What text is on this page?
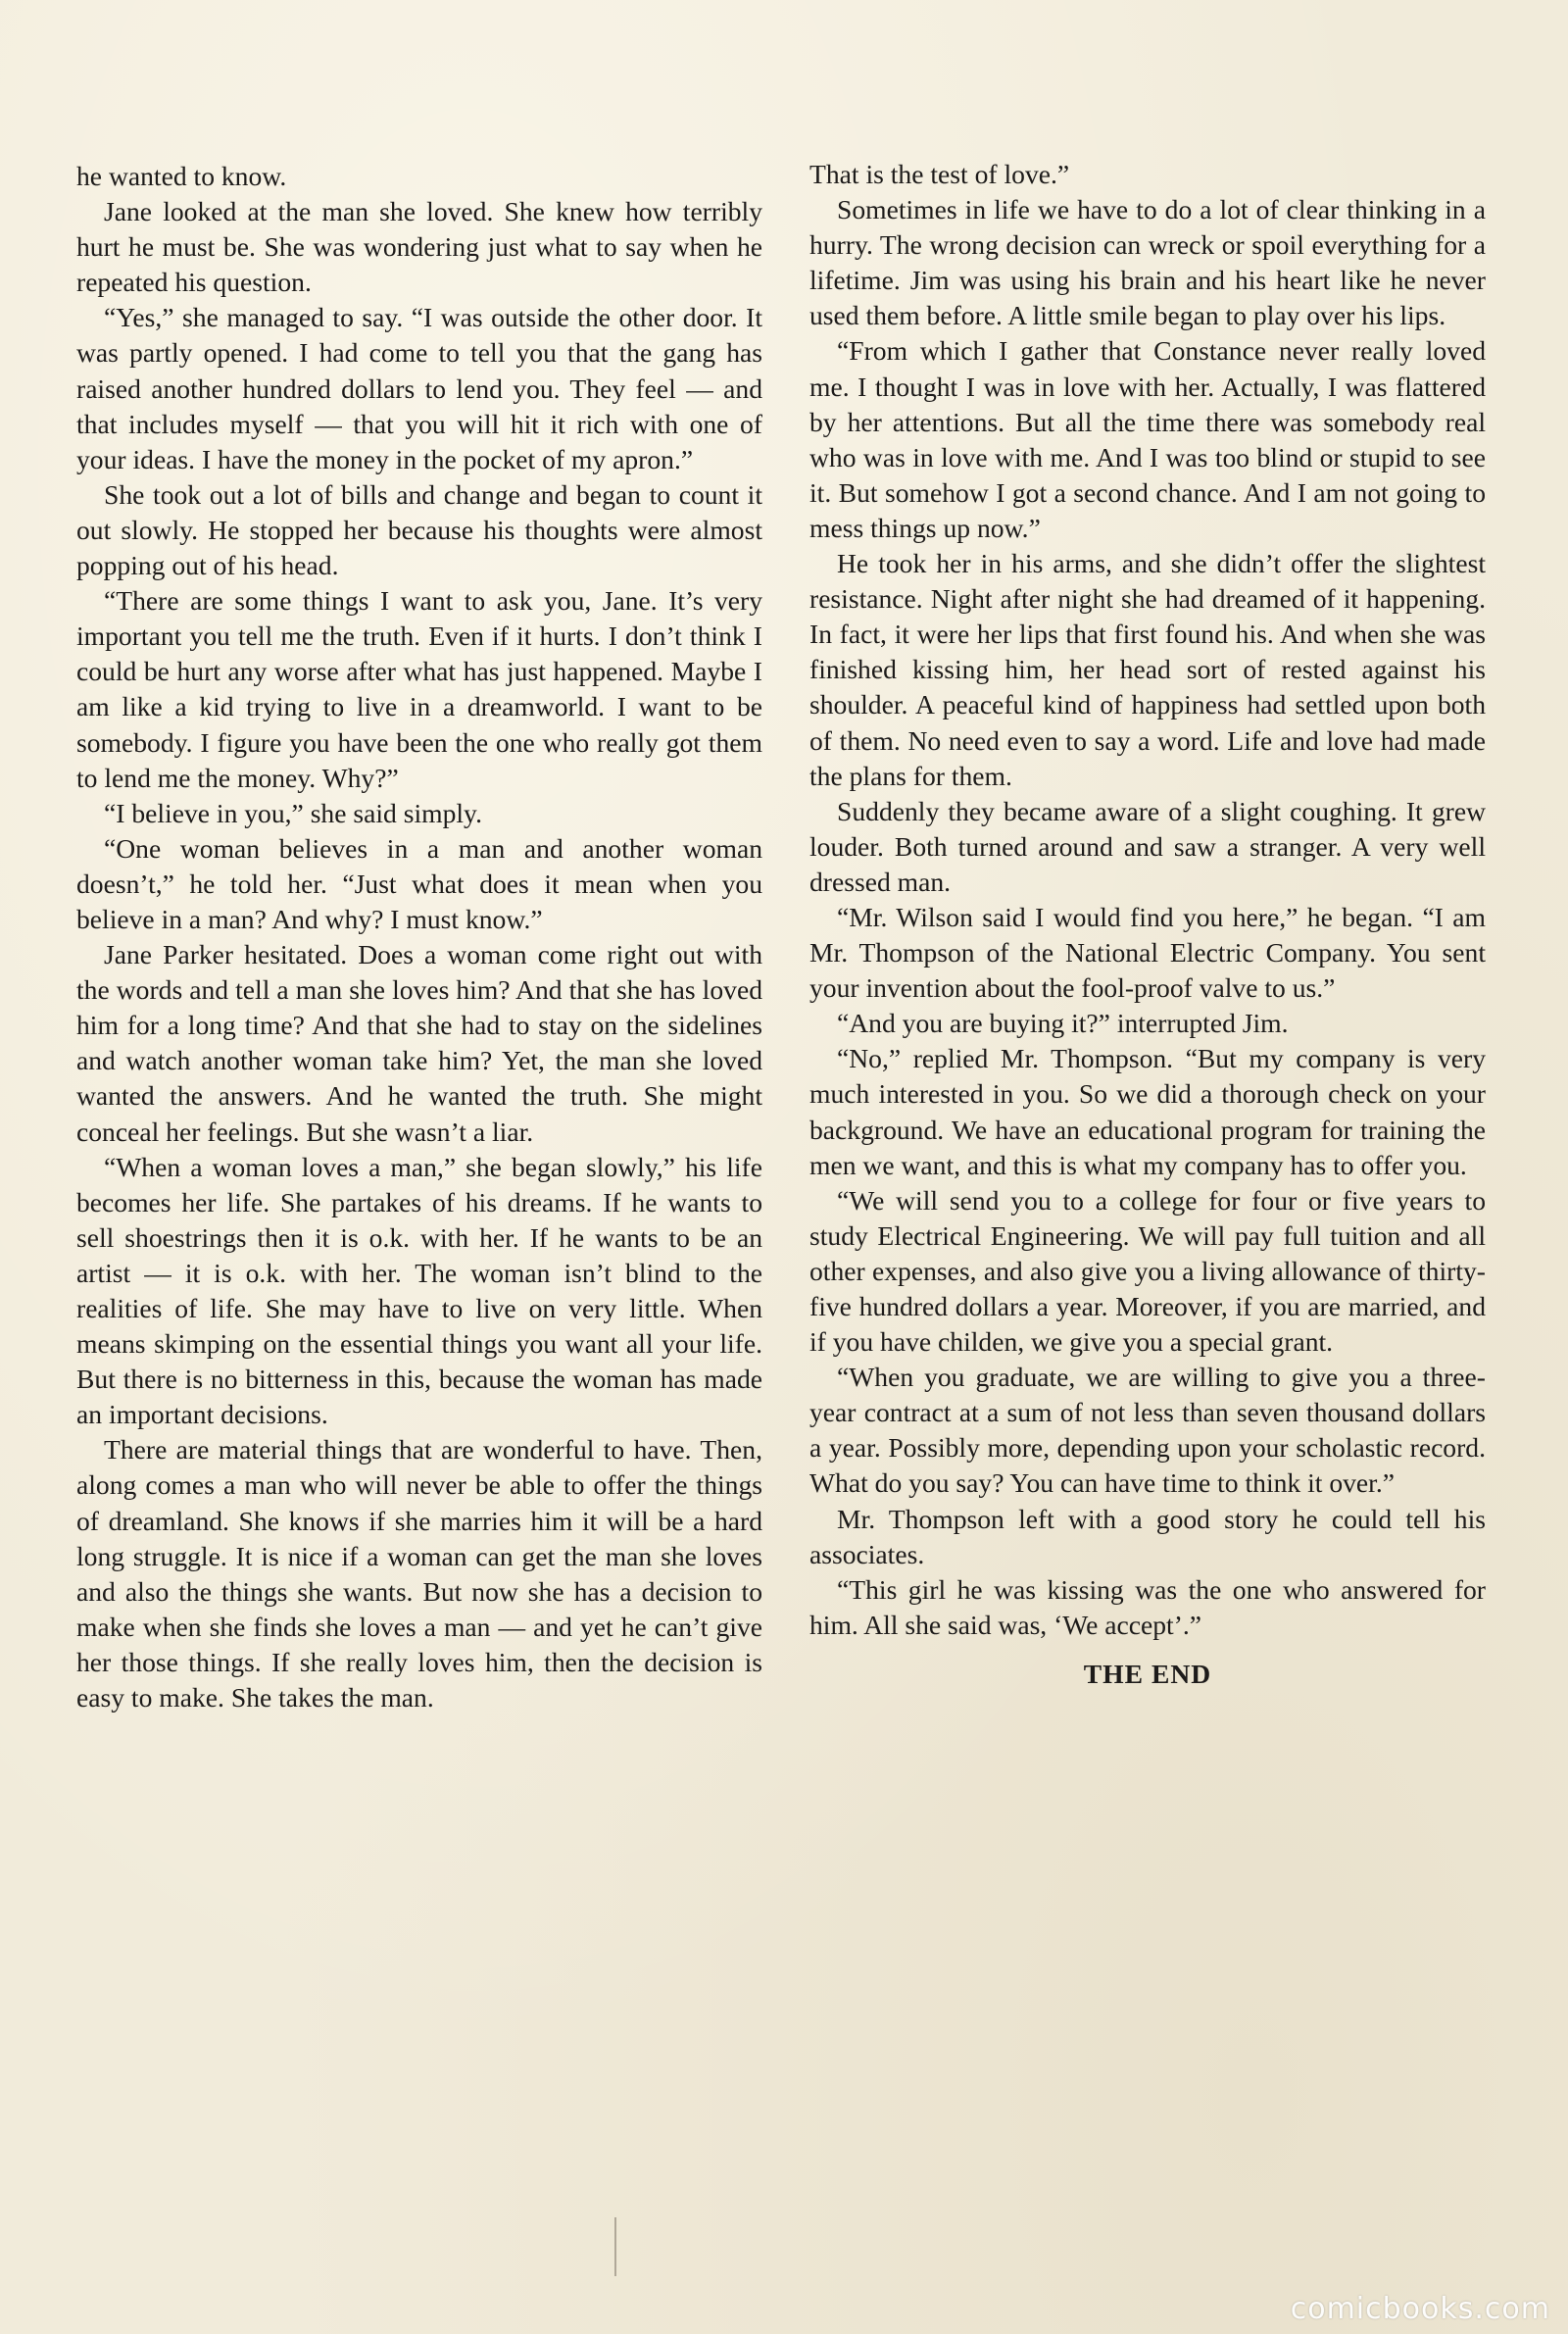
he wanted to know.

Jane looked at the man she loved. She knew how terribly hurt he must be. She was wondering just what to say when he repeated his question.

“Yes,” she managed to say. “I was outside the other door. It was partly opened. I had come to tell you that the gang has raised another hundred dollars to lend you. They feel — and that includes myself — that you will hit it rich with one of your ideas. I have the money in the pocket of my apron.”

She took out a lot of bills and change and began to count it out slowly. He stopped her because his thoughts were almost popping out of his head.

“There are some things I want to ask you, Jane. It’s very important you tell me the truth. Even if it hurts. I don’t think I could be hurt any worse after what has just happened. Maybe I am like a kid trying to live in a dreamworld. I want to be somebody. I figure you have been the one who really got them to lend me the money. Why?”

“I believe in you,” she said simply.

“One woman believes in a man and another woman doesn’t,” he told her. “Just what does it mean when you believe in a man? And why? I must know.”

Jane Parker hesitated. Does a woman come right out with the words and tell a man she loves him? And that she has loved him for a long time? And that she had to stay on the sidelines and watch another woman take him? Yet, the man she loved wanted the answers. And he wanted the truth. She might conceal her feelings. But she wasn’t a liar.

“When a woman loves a man,” she began slowly,” his life becomes her life. She partakes of his dreams. If he wants to sell shoestrings then it is o.k. with her. If he wants to be an artist — it is o.k. with her. The woman isn’t blind to the realities of life. She may have to live on very little. When means skimping on the essential things you want all your life. But there is no bitterness in this, because the woman has made an important decisions.

There are material things that are wonderful to have. Then, along comes a man who will never be able to offer the things of dreamland. She knows if she marries him it will be a hard long struggle. It is nice if a woman can get the man she loves and also the things she wants. But now she has a decision to make when she finds she loves a man — and yet he can’t give her those things. If she really loves him, then the decision is easy to make. She takes the man.

That is the test of love.”

Sometimes in life we have to do a lot of clear thinking in a hurry. The wrong decision can wreck or spoil everything for a lifetime. Jim was using his brain and his heart like he never used them before. A little smile began to play over his lips.

“From which I gather that Constance never really loved me. I thought I was in love with her. Actually, I was flattered by her attentions. But all the time there was somebody real who was in love with me. And I was too blind or stupid to see it. But somehow I got a second chance. And I am not going to mess things up now.”

He took her in his arms, and she didn’t offer the slightest resistance. Night after night she had dreamed of it happening. In fact, it were her lips that first found his. And when she was finished kissing him, her head sort of rested against his shoulder. A peaceful kind of happiness had settled upon both of them. No need even to say a word. Life and love had made the plans for them.

Suddenly they became aware of a slight coughing. It grew louder. Both turned around and saw a stranger. A very well dressed man.

“Mr. Wilson said I would find you here,” he began. “I am Mr. Thompson of the National Electric Company. You sent your invention about the fool-proof valve to us.”

“And you are buying it?” interrupted Jim.

“No,” replied Mr. Thompson. “But my company is very much interested in you. So we did a thorough check on your background. We have an educational program for training the men we want, and this is what my company has to offer you.

“We will send you to a college for four or five years to study Electrical Engineering. We will pay full tuition and all other expenses, and also give you a living allowance of thirty-five hundred dollars a year. Moreover, if you are married, and if you have childen, we give you a special grant.

“When you graduate, we are willing to give you a three-year contract at a sum of not less than seven thousand dollars a year. Possibly more, depending upon your scholastic record. What do you say? You can have time to think it over.”

Mr. Thompson left with a good story he could tell his associates.

“This girl he was kissing was the one who answered for him. All she said was, ‘We accept’.”

THE END

comicbooks.com
